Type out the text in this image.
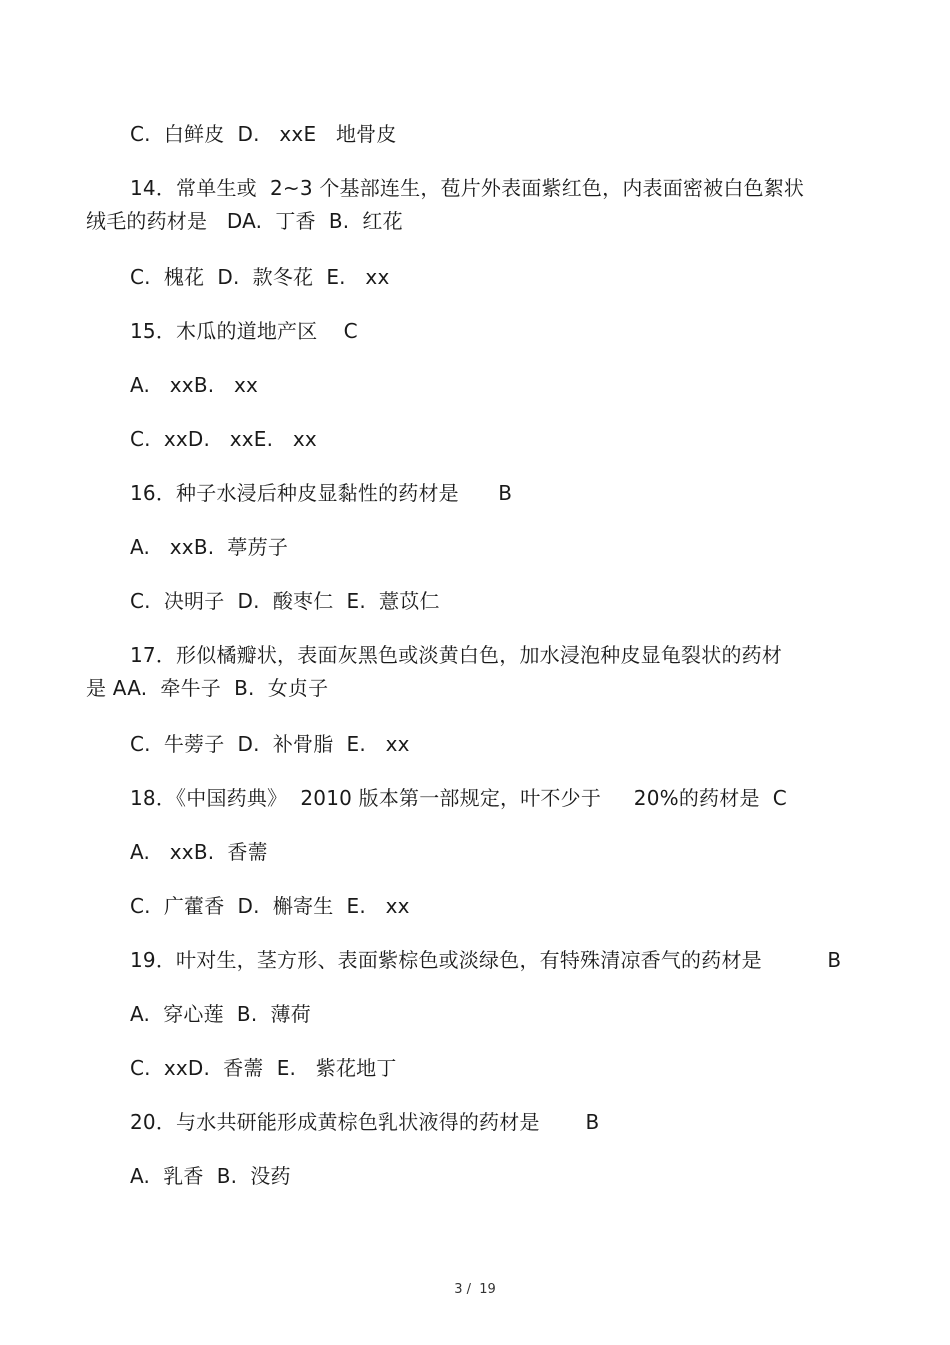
C.  白鲜皮  D.   xxE   地骨皮
14．常单生或  2~3 个基部连生，苞片外表面紫红色，内表面密被白色絮状
绒毛的药材是   DA.  丁香  B.  红花
C.  槐花  D.  款冬花  E.   xx
15．木瓜的道地产区    C
A.   xxB.   xx
C.  xxD.   xxE.   xx
16．种子水浸后种皮显黏性的药材是      B
A.   xxB.  葶苈子
C.  决明子  D.  酸枣仁  E.  薏苡仁
17．形似橘瓣状，表面灰黑色或淡黄白色，加水浸泡种皮显龟裂状的药材
是 AA.  牵牛子  B.  女贞子
C.  牛蒡子  D.  补骨脂  E.   xx
18．《中国药典》  2010 版本第一部规定，叶不少于     20%的药材是  C
A.   xxB.  香薷
C.  广藿香  D.  槲寄生  E.   xx
19．叶对生，茎方形、表面紫棕色或淡绿色，有特殊清凉香气的药材是          B
A.  穿心莲  B.  薄荷
C.  xxD.  香薷  E.   紫花地丁
20．与水共研能形成黄棕色乳状液得的药材是       B
A.  乳香  B.  没药
3 /  19
